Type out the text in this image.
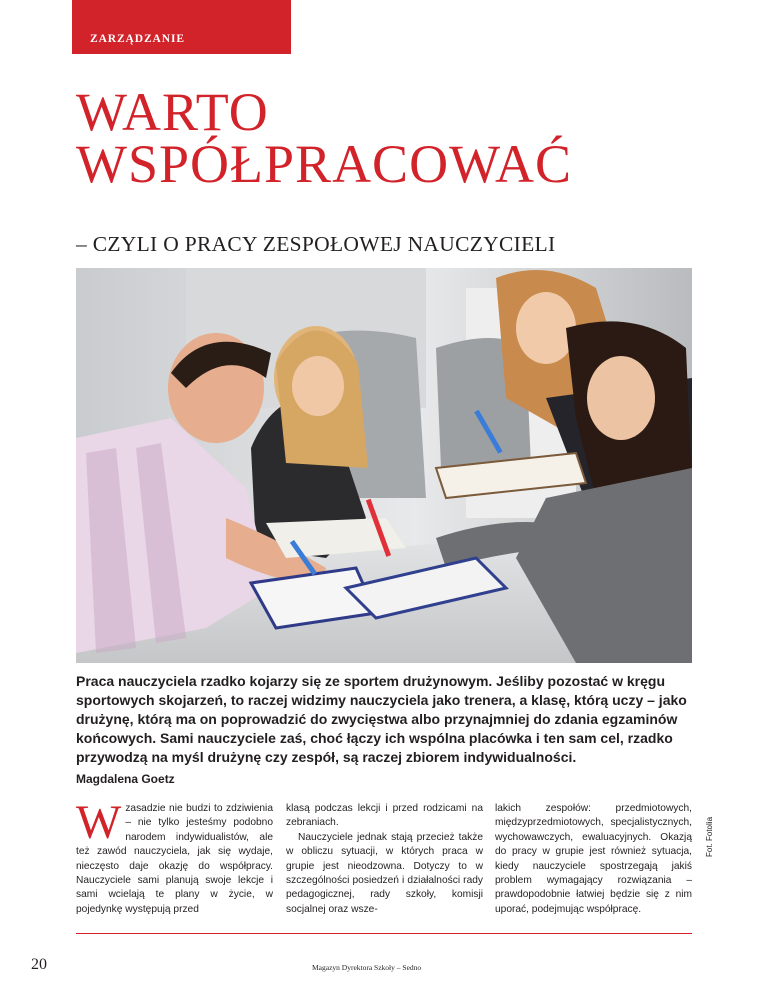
ZARZĄDZANIE
WARTO
WSPÓŁPRACOWAĆ
– CZYLI O PRACY ZESPOŁOWEJ NAUCZYCIELI

Praca nauczyciela rzadko kojarzy się ze sportem drużynowym. Jeśliby pozostać w kręgu sportowych skojarzeń, to raczej widzimy nauczyciela jako trenera, a klasę, którą uczy – jako drużynę, którą ma on poprowadzić do zwycięstwa albo przynajmniej do zdania egzaminów końcowych. Sami nauczyciele zaś, choć łączy ich wspólna placówka i ten sam cel, rzadko przywodzą na myśl drużynę czy zespół, są raczej zbiorem indywidualności.

Magdalena Goetz

Wzasadzie nie budzi to zdziwienia – nie tylko jesteśmy podobno narodem indywidualistów, ale też zawód nauczyciela, jak się wydaje, nieczęsto daje okazję do współpracy. Nauczyciele sami planują swoje lekcje i sami wcielają te plany w życie, w pojedynkę występują przed

klasą podczas lekcji i przed rodzicami na zebraniach.
Nauczyciele jednak stają przecież także w obliczu sytuacji, w których praca w grupie jest nieodzowna. Dotyczy to w szczególności posiedzeń i działalności rady pedagogicznej, rady szkoły, komisji socjalnej oraz wsze-

lakich zespołów: przedmiotowych, międzyprzedmiotowych, specjalistycznych, wychowawczych, ewaluacyjnych. Okazją do pracy w grupie jest również sytuacja, kiedy nauczyciele spostrzegają jakiś problem wymagający rozwiązania – prawdopodobnie łatwiej będzie się z nim uporać, podejmując współpracę.

Fot. Fotolia
20	Magazyn Dyrektora Szkoły – Sedno
